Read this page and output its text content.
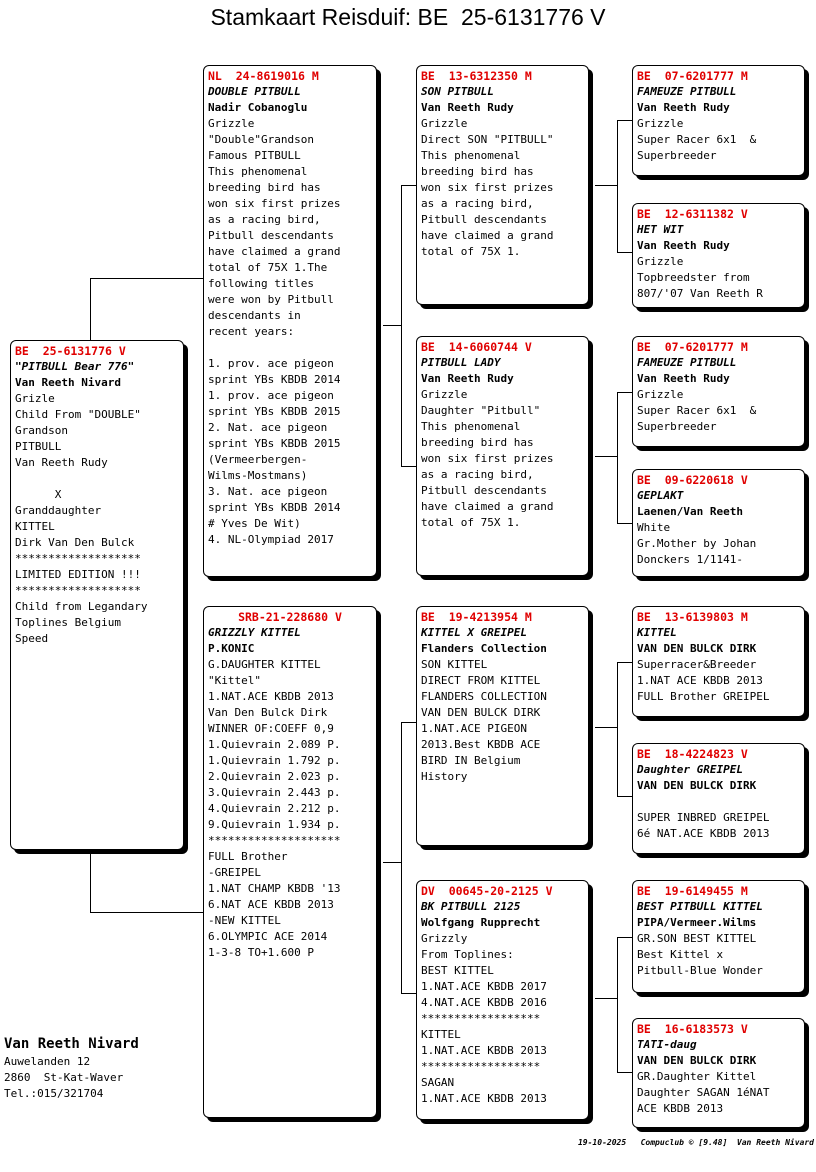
Stamkaart Reisduif: BE  25-6131776 V
BE  25-6131776 V
"PITBULL Bear 776"
Van Reeth Nivard
Grizle
Child From "DOUBLE"
Grandson
PITBULL
Van Reeth Rudy
X
Granddaughter
KITTEL
Dirk Van Den Bulck
*******************
LIMITED EDITION !!!
*******************
Child from Legandary
Toplines Belgium
Speed
NL  24-8619016 M
DOUBLE PITBULL
Nadir Cobanoglu
Grizzle
"Double"Grandson
Famous PITBULL
This phenomenal
breeding bird has
won six first prizes
as a racing bird,
Pitbull descendants
have claimed a grand
total of 75X 1.The
following titles
were won by Pitbull
descendants in
recent years:
1. prov. ace pigeon
sprint YBs KBDB 2014
1. prov. ace pigeon
sprint YBs KBDB 2015
2. Nat. ace pigeon
sprint YBs KBDB 2015
(Vermeerbergen-
Wilms-Mostmans)
3. Nat. ace pigeon
sprint YBs KBDB 2014
# Yves De Wit)
4. NL-Olympiad 2017
SRB-21-228680 V
GRIZZLY KITTEL
P.KONIC
G.DAUGHTER KITTEL
"Kittel"
1.NAT.ACE KBDB 2013
Van Den Bulck Dirk
WINNER OF:COEFF 0,9
1.Quievrain 2.089 P.
1.Quievrain 1.792 p.
2.Quievrain 2.023 p.
3.Quievrain 2.443 p.
4.Quievrain 2.212 p.
9.Quievrain 1.934 p.
********************
FULL Brother
-GREIPEL
1.NAT CHAMP KBDB '13
6.NAT ACE KBDB 2013
-NEW KITTEL
6.OLYMPIC ACE 2014
1-3-8 TO+1.600 P
BE  13-6312350 M
SON PITBULL
Van Reeth Rudy
Grizzle
Direct SON "PITBULL"
This phenomenal
breeding bird has
won six first prizes
as a racing bird,
Pitbull descendants
have claimed a grand
total of 75X 1.
BE  14-6060744 V
PITBULL LADY
Van Reeth Rudy
Grizzle
Daughter "Pitbull"
This phenomenal
breeding bird has
won six first prizes
as a racing bird,
Pitbull descendants
have claimed a grand
total of 75X 1.
BE  19-4213954 M
KITTEL X GREIPEL
Flanders Collection
SON KITTEL
DIRECT FROM KITTEL
FLANDERS COLLECTION
VAN DEN BULCK DIRK
1.NAT.ACE PIGEON
2013.Best KBDB ACE
BIRD IN Belgium
History
DV  00645-20-2125 V
BK PITBULL 2125
Wolfgang Rupprecht
Grizzly
From Toplines:
BEST KITTEL
1.NAT.ACE KBDB 2017
4.NAT.ACE KBDB 2016
******************
KITTEL
1.NAT.ACE KBDB 2013
******************
SAGAN
1.NAT.ACE KBDB 2013
BE  07-6201777 M
FAMEUZE PITBULL
Van Reeth Rudy
Grizzle
Super Racer 6x1  &
Superbreeder
BE  12-6311382 V
HET WIT
Van Reeth Rudy
Grizzle
Topbreedster from
807/'07 Van Reeth R
BE  07-6201777 M
FAMEUZE PITBULL
Van Reeth Rudy
Grizzle
Super Racer 6x1  &
Superbreeder
BE  09-6220618 V
GEPLAKT
Laenen/Van Reeth
White
Gr.Mother by Johan
Donckers 1/1141-
BE  13-6139803 M
KITTEL
VAN DEN BULCK DIRK
Superracer&Breeder
1.NAT ACE KBDB 2013
FULL Brother GREIPEL
BE  18-4224823 V
Daughter GREIPEL
VAN DEN BULCK DIRK
SUPER INBRED GREIPEL
6é NAT.ACE KBDB 2013
BE  19-6149455 M
BEST PITBULL KITTEL
PIPA/Vermeer.Wilms
GR.SON BEST KITTEL
Best Kittel x
Pitbull-Blue Wonder
BE  16-6183573 V
TATI-daug
VAN DEN BULCK DIRK
GR.Daughter Kittel
Daughter SAGAN 1éNAT
ACE KBDB 2013
Van Reeth Nivard
Auwelanden 12
2860  St-Kat-Waver
Tel.:015/321704
19-10-2025   Compuclub © [9.48]  Van Reeth Nivard
